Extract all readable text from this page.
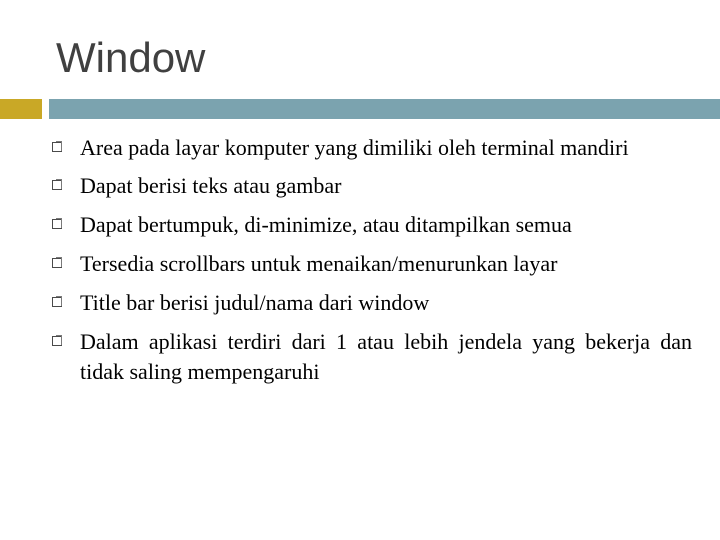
Window
Area pada layar komputer yang dimiliki oleh terminal mandiri
Dapat berisi teks atau gambar
Dapat bertumpuk, di-minimize, atau ditampilkan semua
Tersedia scrollbars untuk menaikan/menurunkan layar
Title bar berisi judul/nama dari window
Dalam aplikasi terdiri dari 1 atau lebih jendela yang bekerja dan tidak saling mempengaruhi
